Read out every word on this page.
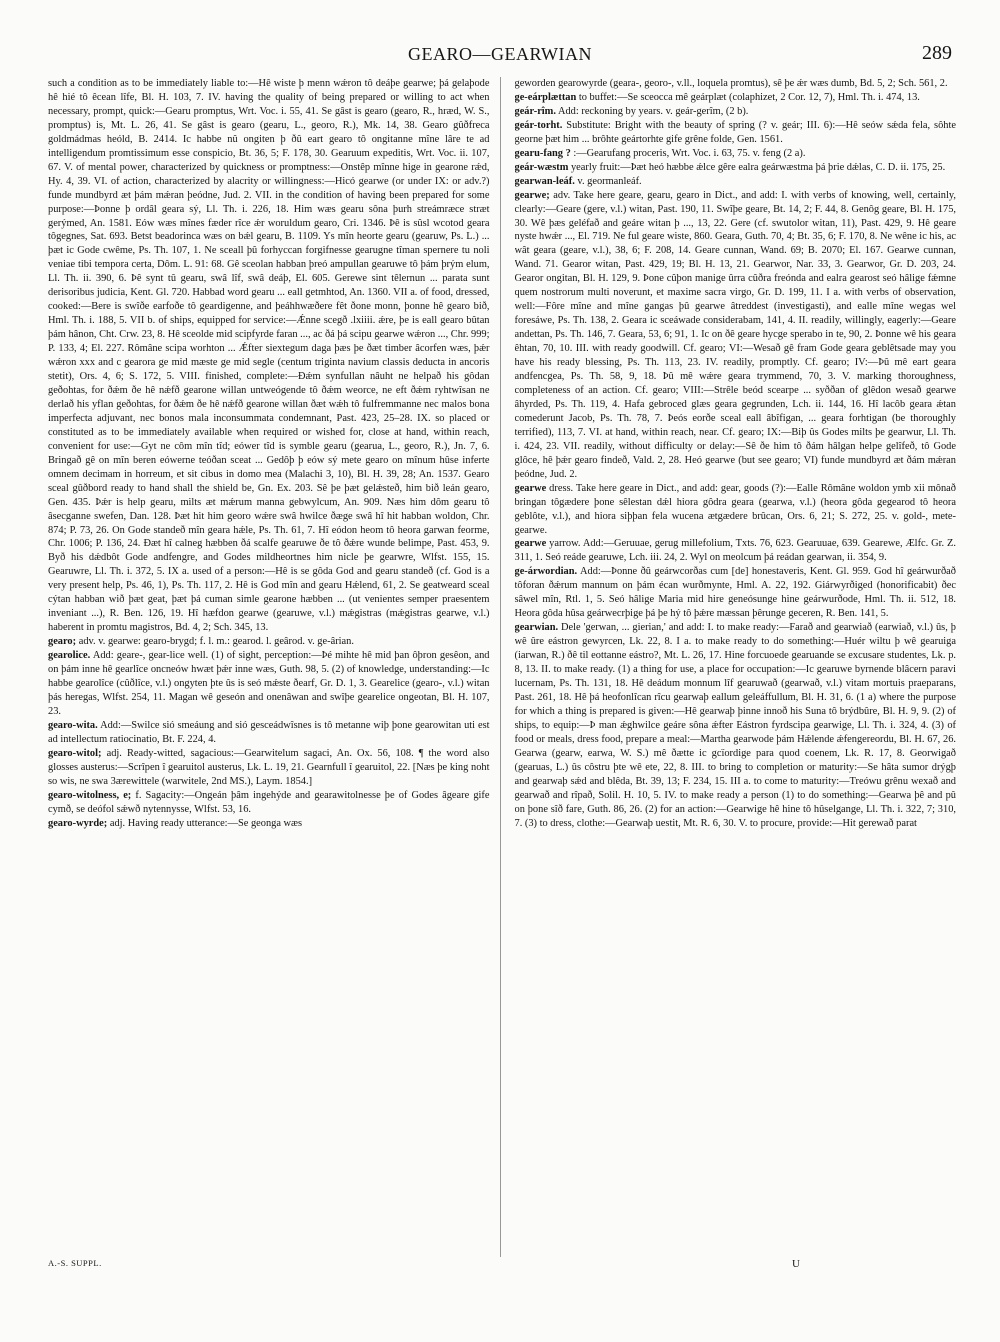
GEARO—GEARWIAN	289

such a condition as to be immediately liable to:—Hê wiste þ menn wǽron tô deáþe gearwe; þá gelaþode hê hié tô êcean lîfe, Bl. H. 103, 7. IV. having the quality of being prepared or willing to act when necessary, prompt, quick:—Gearu promptus, Wrt. Voc. i. 55, 41. Se gâst is gearo (gearo, R., hræd, W. S., promptus) is, Mt. L. 26, 41. Se gâst is gearo (gearu, L., georo, R.), Mk. 14, 38. Gearo gûðfreca goldmádmas heóld, B. 2414. Ic habbe nû ongiten þ ðû eart gearo tô ongitanne mîne lâre te ad intelligendum promtissimum esse conspicio, Bt. 36, 5; F. 178, 30. Gearuum expeditis, Wrt. Voc. ii. 107, 67. V. of mental power, characterized by quickness or promptness:—Onstêp mînne hige in gearone rǽd, Hy. 4, 39. VI. of action, characterized by alacrity or willingness:—Hicó gearwe (or under IX: or adv.?) funde mundbyrd æt þám mǽran þeódne, Jud. 2. VII. in the condition of having been prepared for some purpose:—Þonne þ ordâl geara sý, Ll. Th. i. 226, 18. Him wæs gearu sôna þurh streámræce stræt gerýmed, An. 1581. Eów wæs mînes fæder rîce ǽr woruldum gearo, Cri. 1346. Þê is sûsl wcotod geara tôgegnes, Sat. 693. Betst beadorinca wæs on bǽl gearu, B. 1109. Ys mîn heorte gearu (gearuw, Ps. L.) ... þæt ic Gode cwême, Ps. Th. 107, 1. Ne sceall þû forhyccan forgifnesse gearugne tîman spernere tu noli veniae tibi tempora certa, Dôm. L. 91: 68. Gê sceolan habban þreó ampullan gearuwe tô þám þrým elum, Ll. Th. ii. 390, 6. Þê synt tû gearu, swâ lîf, swâ deáþ, El. 605. Gerewe sint têlernun ... parata sunt derisoribus judicia, Kent. Gl. 720. Habbad word gearu ... eall getmhtod, An. 1360. VII a. of food, dressed, cooked:—Bere is swîðe earfoðe tô geardigenne, and þeáhhwæðere fêt ðone monn, þonne hê gearo bið, Hml. Th. i. 188, 5. VII b. of ships, equipped for service:—Ǽnne scegð .lxiiii. ǽre, þe is eall gearo bûtan þám hânon, Cht. Crw. 23, 8. Hê sceolde mid scipfyrde faran ..., ac ðá þá scipu gearwe wǽron ..., Chr. 999; P. 133, 4; El. 227. Rômâne scipa worhton ... Ǽfter siextegum daga þæs þe ðæt timber âcorfen wæs, þǽr wǽron xxx and c gearora ge mid mæste ge mid segle (centum triginta navium classis deducta in ancoris stetit), Ors. 4, 6; S. 172, 5. VIII. finished, complete:—Ðǽm synfullan nâuht ne helpað his gôdan geðohtas, for ðǽm ðe hê nǽfð gearone willan untweógende tô ðǽm weorce, ne eft ðǽm ryhtwîsan ne derlað his yflan geðohtas, for ðǽm ðe hê nǽfð gearone willan ðæt wǽh tô fulfremmanne nec malos bona imperfecta adjuvant, nec bonos mala inconsummata condemnant, Past. 423, 25–28. IX. so placed or constituted as to be immediately available when required or wished for, close at hand, within reach, convenient for use:—Gyt ne côm mîn tîd; eówer tîd is symble gearu (gearua, L., georo, R.), Jn. 7, 6. Bringað gê on mîn beren eówerne teóðan sceat ... Gedôþ þ eów sý mete gearo on mînum hûse inferte omnem decimam in horreum, et sit cibus in domo mea (Malachi 3, 10), Bl. H. 39, 28; An. 1537. Gearo sceal gûðbord ready to hand shall the shield be, Gn. Ex. 203. Sê þe þæt gelǽsteð, him bið leán gearo, Gen. 435. Þǽr is help gearu, milts æt mǽrum manna gebwylcum, An. 909. Næs him dôm gearu tô âsecganne swefen, Dan. 128. Þæt hit him georo wǽre swâ hwilce ðæge swâ hî hit habban woldon, Chr. 874; P. 73, 26. On Gode standeð mîn geara hǽle, Ps. Th. 61, 7. Hî eódon heom tô heora garwan feorme, Chr. 1006; P. 136, 24. Ðæt hî calneg hæbben ðá scalfe gearuwe ðe tô ðǽre wunde belimpe, Past. 453, 9. Byð his dǽdbôt Gode andfengre, and Godes mildheortnes him nicle þe gearwre, Wlfst. 155, 15. Gearuwre, Ll. Th. i. 372, 5. IX a. used of a person:—Hê is se gôda God and gearu standeð (cf. God is a very present help, Ps. 46, 1), Ps. Th. 117, 2. Hê is God mîn and gearu Hǽlend, 61, 2. Se geatweard sceal cýtan habban wið þæt geat, þæt þá cuman simle gearone hæbben ... (ut venientes semper praesentem inveniant ...), R. Ben. 126, 19. Hî hæfdon gearwe (gearuwe, v.l.) mǽgistras (mǽgistras gearwe, v.l.) haberent in promtu magistros, Bd. 4, 2; Sch. 345, 13.

gearo; adv. v. gearwe: gearo-brygd; f. l. m.: gearod. l. geârod. v. ge-ârian.

gearolice. Add: geare-, gear-lice well. (1) of sight, perception:—Þé mihte hê mid þan ôþron gesêon, and on þám inne hê gearlîce oncneów hwæt þǽr inne wæs, Guth. 98, 5. (2) of knowledge, understanding:—Ic habbe gearolîce (cûðlîce, v.l.) ongyten þte ûs is seó mǽste ðearf, Gr. D. 1, 3. Gearelice (gearo-, v.l.) witan þás heregas, Wlfst. 254, 11. Magan wê geseón and onenâwan and swîþe gearelice ongeotan, Bl. H. 107, 23.

gearo-wita. Add:—Swilce sió smeáung and sió gesceádwîsnes is tô metanne wiþ þone gearowitan uti est ad intellectum ratiocinatio, Bt. F. 224, 4.

gearo-witol; adj. Ready-witted, sagacious:—Gearwitelum sagaci, An. Ox. 56, 108. ¶ the word also glosses austerus:—Scrîpen î gearuitol austerus, Lk. L. 19, 21. Gearnfull î gearuitol, 22. [Næs þe king noht so wis, ne swa 3ærewittele (warwitele, 2nd MS.), Laym. 1854.]

gearo-witolness, e; f. Sagacity:—Ongeán þâm ingehýde and gearawitolnesse þe of Godes âgeare gife cymð, se deófol sǽwð nytennysse, Wlfst. 53, 16.

gearo-wyrde; adj. Having ready utterance:—Se geonga wæs

geworden gearowyrde (geara-, georo-, v.ll., loquela promtus), sê þe ǽr wæs dumb, Bd. 5, 2; Sch. 561, 2.

ge-eárplættan to buffet:—Se sceocca mê geárplæt (colaphizet, 2 Cor. 12, 7), Hml. Th. i. 474, 13.

geár-rîm. Add: reckoning by years. v. geár-gerîm, (2 b).

geár-torht. Substitute: Bright with the beauty of spring (? v. geár; III. 6):—Hê seów sǽda fela, sôhte georne þæt him ... brôhte geártorhte gife grêne folde, Gen. 1561.

gearu-fang ? :—Gearufang proceris, Wrt. Voc. i. 63, 75. v. feng (2 a).

geár-wæstm yearly fruit:—Þæt heó hæbbe ǽlce gêre ealra geárwæstma þá þrie dǽlas, C. D. ii. 175, 25.

gearwan-leáf. v. geormanleáf.

gearwe; adv. Take here geare, gearu, gearo in Dict., and add: I. with verbs of knowing, well, certainly, clearly:—Geare (gere, v.l.) witan, Past. 190, 11. Swîþe geare, Bt. 14, 2; F. 44, 8. Genôg geare, Bl. H. 175, 30. Wê þæs geléfað and geáre witan þ ..., 13, 22. Gere (cf. swutolor witan, 11), Past. 429, 9. Hê geare nyste hwǽr ..., El. 719. Ne ful geare wiste, 860. Geara, Guth. 70, 4; Bt. 35, 6; F. 170, 8. Ne wêne ic his, ac wât geara (geare, v.l.), 38, 6; F. 208, 14. Geare cunnan, Wand. 69; B. 2070; El. 167. Gearwe cunnan, Wand. 71. Gearor witan, Past. 429, 19; Bl. H. 13, 21. Gearwor, Nar. 33, 3. Gearwor, Gr. D. 203, 24. Gearor ongitan, Bl. H. 129, 9. Þone cûþon manige ûrra cûðra freónda and ealra gearost seó hâlige fǽmne quem nostrorum multi noverunt, et maxime sacra virgo, Gr. D. 199, 11. I a. with verbs of observation, well:—Fôre mîne and mîne gangas þû gearwe âtreddest (investigasti), and ealle mîne wegas wel foresáwe, Ps. Th. 138, 2. Geara ic sceáwade considerabam, 141, 4. II. readily, willingly, eagerly:—Geare andettan, Ps. Th. 146, 7. Geara, 53, 6; 91, 1. Ic on ðê geare hycge sperabo in te, 90, 2. Þonne wê his geara êhtan, 70, 10. III. with ready goodwill. Cf. gearo; VI:—Wesað gê fram Gode geara geblêtsade may you have his ready blessing, Ps. Th. 113, 23. IV. readily, promptly. Cf. gearo; IV:—Þû mê eart geara andfencgea, Ps. Th. 58, 9, 18. Þû mê wǽre geara trymmend, 70, 3. V. marking thoroughness, completeness of an action. Cf. gearo; VIII:—Strêle beód scearpe ... syððan of glêdon wesað gearwe âhyrded, Ps. Th. 119, 4. Hafa gebroced glæs geara gegrunden, Lch. ii. 144, 16. Hî lacôb geara ǽtan comederunt Jacob, Ps. Th. 78, 7. Þeós eorðe sceal eall âbîfigan, ... geara forhtigan (be thoroughly terrified), 113, 7. VI. at hand, within reach, near. Cf. gearo; IX:—Biþ ûs Godes milts þe gearwur, Ll. Th. i. 424, 23. VII. readily, without difficulty or delay:—Sê ðe him tô ðám hâlgan helpe gelîfeð, tô Gode glôce, hê þǽr gearo findeð, Vald. 2, 28. Heó gearwe (but see gearo; VI) funde mundbyrd æt ðám mǽran þeódne, Jud. 2.

gearwe dress. Take here geare in Dict., and add: gear, goods (?):—Ealle Rômâne woldon ymb xii mônað bringan tôgædere þone sêlestan dǽl hiora gôdra geara (gearwa, v.l.) (heora gôda gegearod tô heora geblôte, v.l.), and hiora siþþan fela wucena ætgædere brûcan, Ors. 6, 21; S. 272, 25. v. gold-, mete-gearwe.

gearwe yarrow. Add:—Geruuae, gerug millefolium, Txts. 76, 623. Gearuuae, 639. Gearewe, Ælfc. Gr. Z. 311, 1. Seó reáde gearuwe, Lch. iii. 24, 2. Wyl on meolcum þá reádan gearwan, ii. 354, 9.

ge-árwordian. Add:—Þonne ðû geárwcorðas cum [de] honestaveris, Kent. Gl. 959. God hî geárwurðað tôforan ðǽrum mannum on þám écan wurðmynte, Hml. A. 22, 192. Giárwyrðiged (honorificabit) ðec sâwel mîn, Rtl. 1, 5. Seó hâlige Maria mid hire geneósunge hine geárwurðode, Hml. Th. ii. 512, 18. Heora gôda hûsa geárwecrþige þá þe hý tô þǽre mæssan þêrunge geceren, R. Ben. 141, 5.

gearwian. Dele 'gerwan, ... gierian,' and add: I. to make ready:—Farað and gearwiað (earwiað, v.l.) ûs, þ wê ûre eástron gewyrcen, Lk. 22, 8. I a. to make ready to do something:—Huér wiltu þ wê gearuiga (iarwan, R.) ðê til eottanne eástro?, Mt. L. 26, 17. Hine forcuoede gearuande se excusare studentes, Lk. p. 8, 13. II. to make ready. (1) a thing for use, a place for occupation:—Ic gearuwe byrnende blâcern paravi lucernam, Ps. Th. 131, 18. Hê deádum monnum lîf gearuwað (gearwað, v.l.) vitam mortuis praeparans, Past. 261, 18. Hê þá heofonlîcan rîcu gearwaþ eallum geleáffullum, Bl. H. 31, 6. (1 a) where the purpose for which a thing is prepared is given:—Hê gearwaþ þinne innoð his Suna tô brýdbûre, Bl. H. 9, 9. (2) of ships, to equip:—Þ man ǽghwilce geáre sôna ǽfter Eástron fyrdscipa gearwige, Ll. Th. i. 324, 4. (3) of food or meals, dress food, prepare a meal:—Martha gearwode þám Hǽlende ǽfengereordu, Bl. H. 67, 26. Gearwa (gearw, earwa, W. S.) mê ðætte ic gcïordige para quod coenem, Lk. R. 17, 8. Georwigað (gearuas, L.) ûs côstru þte wê ete, 22, 8. III. to bring to completion or maturity:—Se hâta sumor drýgþ and gearwaþ sǽd and blêda, Bt. 39, 13; F. 234, 15. III a. to come to maturity:—Treówu grênu wexað and gearwað and rîpað, Solil. H. 10, 5. IV. to make ready a person (1) to do something:—Gearwa þê and pû on þone sîð fare, Guth. 86, 26. (2) for an action:—Gearwige hê hine tô hûselgange, Ll. Th. i. 322, 7; 310, 7. (3) to dress, clothe:—Gearwaþ uestit, Mt. R. 6, 30. V. to procure, provide:—Hit gerewað parat

A.-S. SUPPL.	U
